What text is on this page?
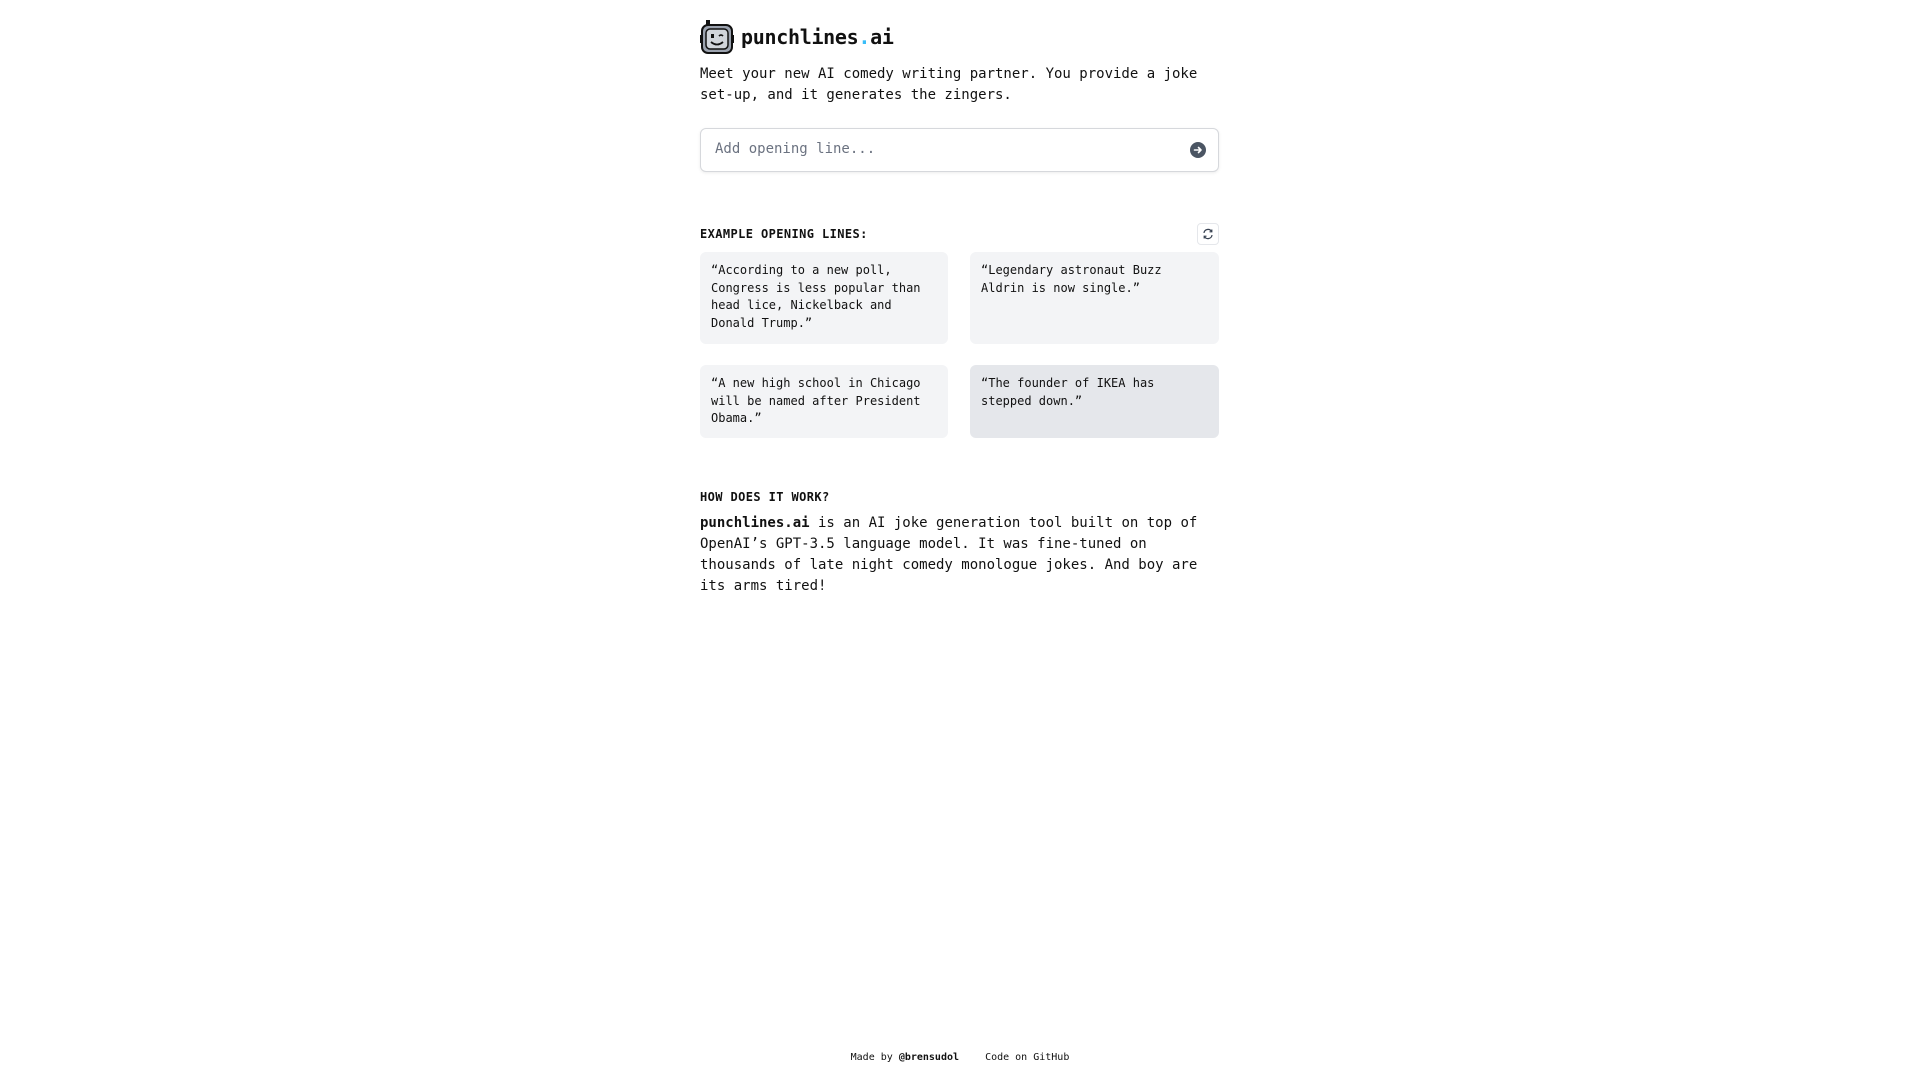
punchlines.ai

Meet your new AI comedy writing partner. You provide a joke set-up, and it generates the zingers.

Add opening line...
EXAMPLE OPENING LINES:
“According to a new poll, Congress is less popular than head lice, Nickelback and Donald Trump.”
“Legendary astronaut Buzz Aldrin is now single.”
“A new high school in Chicago will be named after President Obama.”
“The founder of IKEA has stepped down.”
HOW DOES IT WORK?
punchlines.ai is an AI joke generation tool built on top of OpenAI’s GPT-3.5 language model. It was fine-tuned on thousands of late night comedy monologue jokes. And boy are its arms tired!
Made by @brensudol	Code on GitHub
